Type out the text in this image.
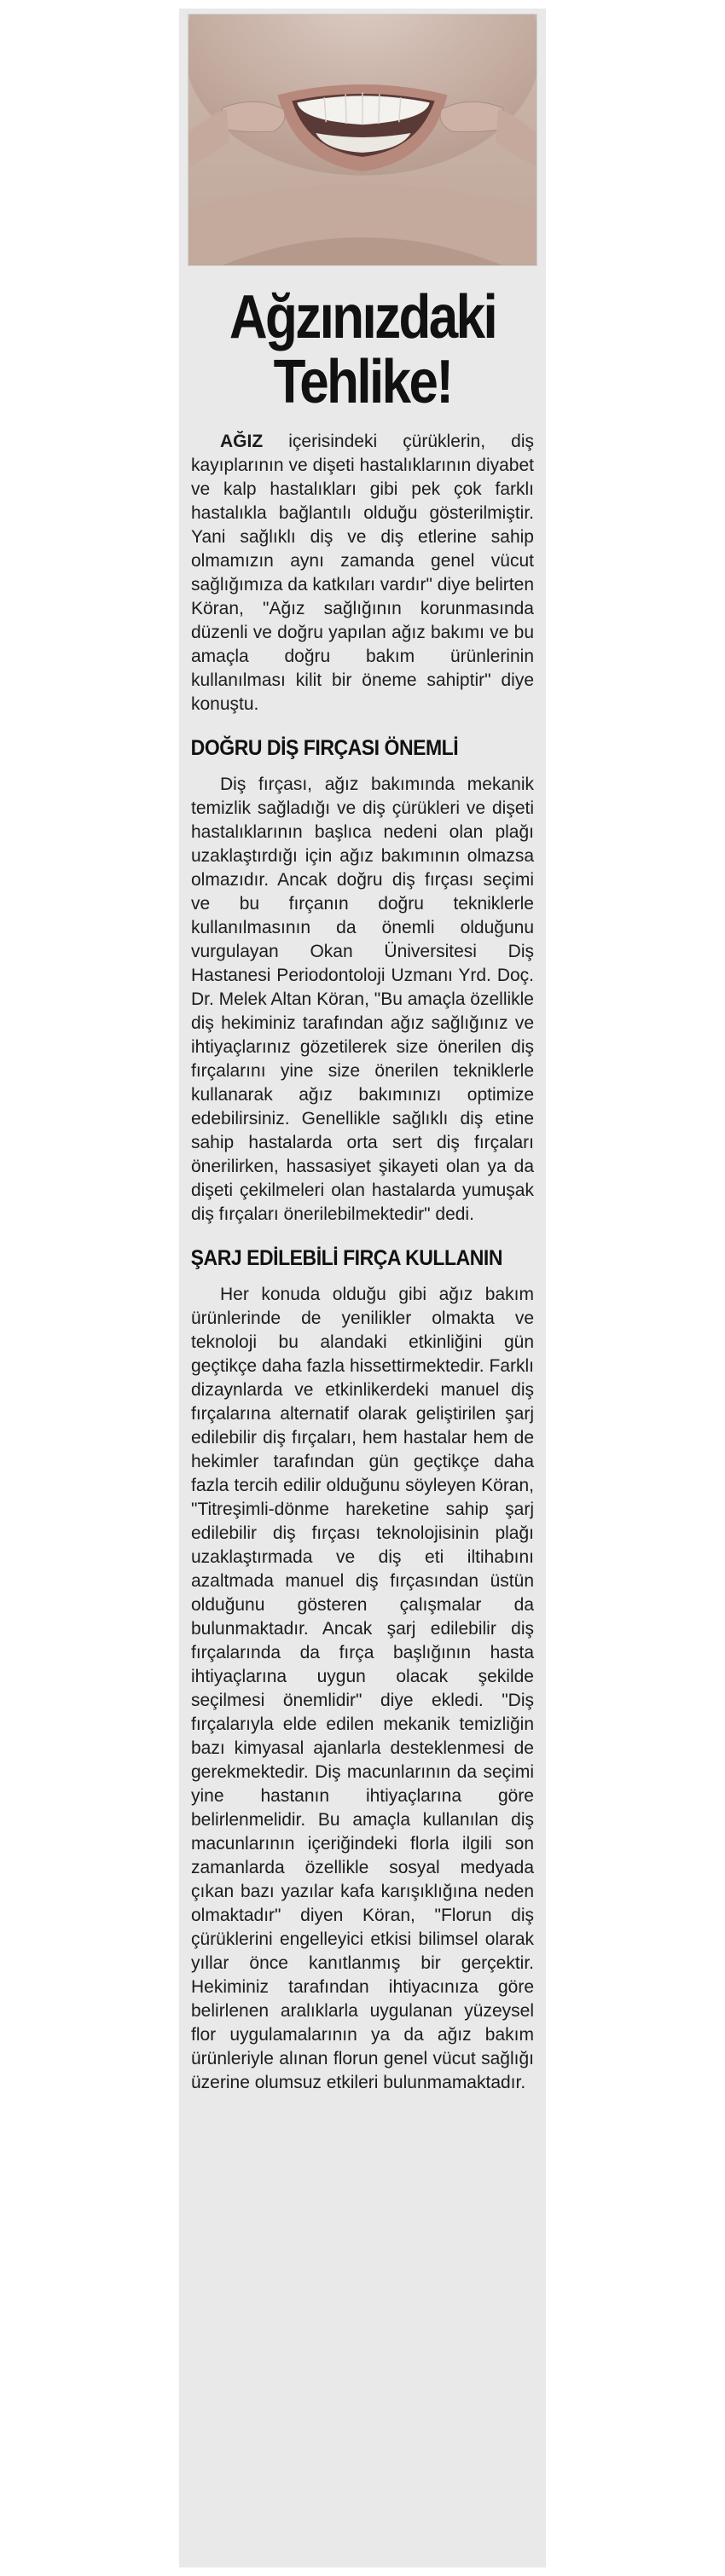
Ağzınızdaki Tehlike!

AĞIZ içerisindeki çürüklerin, diş kayıplarının ve dişeti hastalıklarının diyabet ve kalp hastalıkları gibi pek çok farklı hastalıkla bağlantılı olduğu gösterilmiştir. Yani sağlıklı diş ve diş etlerine sahip olmamızın aynı zamanda genel vücut sağlığımıza da katkıları vardır" diye belirten Köran, "Ağız sağlığının korunmasında düzenli ve doğru yapılan ağız bakımı ve bu amaçla doğru bakım ürünlerinin kullanılması kilit bir öneme sahiptir" diye konuştu.

DOĞRU DİŞ FIRÇASI ÖNEMLİ

Diş fırçası, ağız bakımında mekanik temizlik sağladığı ve diş çürükleri ve dişeti hastalıklarının başlıca nedeni olan plağı uzaklaştırdığı için ağız bakımının olmazsa olmazıdır. Ancak doğru diş fırçası seçimi ve bu fırçanın doğru tekniklerle kullanılmasının da önemli olduğunu vurgulayan Okan Üniversitesi Diş Hastanesi Periodontoloji Uzmanı Yrd. Doç. Dr. Melek Altan Köran, "Bu amaçla özellikle diş hekiminiz tarafından ağız sağlığınız ve ihtiyaçlarınız gözetilerek size önerilen diş fırçalarını yine size önerilen tekniklerle kullanarak ağız bakımınızı optimize edebilirsiniz. Genellikle sağlıklı diş etine sahip hastalarda orta sert diş fırçaları önerilirken, hassasiyet şikayeti olan ya da dişeti çekilmeleri olan hastalarda yumuşak diş fırçaları önerilebilmektedir" dedi.

ŞARJ EDİLEBİLİ FIRÇA KULLANIN

Her konuda olduğu gibi ağız bakım ürünlerinde de yenilikler olmakta ve teknoloji bu alandaki etkinliğini gün geçtikçe daha fazla hissettirmektedir. Farklı dizaynlarda ve etkinlikerdeki manuel diş fırçalarına alternatif olarak geliştirilen şarj edilebilir diş fırçaları, hem hastalar hem de hekimler tarafından gün geçtikçe daha fazla tercih edilir olduğunu söyleyen Köran, "Titreşimli-dönme hareketine sahip şarj edilebilir diş fırçası teknolojisinin plağı uzaklaştırmada ve diş eti iltihabını azaltmada manuel diş fırçasından üstün olduğunu gösteren çalışmalar da bulunmaktadır. Ancak şarj edilebilir diş fırçalarında da fırça başlığının hasta ihtiyaçlarına uygun olacak şekilde seçilmesi önemlidir" diye ekledi. "Diş fırçalarıyla elde edilen mekanik temizliğin bazı kimyasal ajanlarla desteklenmesi de gerekmektedir. Diş macunlarının da seçimi yine hastanın ihtiyaçlarına göre belirlenmelidir. Bu amaçla kullanılan diş macunlarının içeriğindeki florla ilgili son zamanlarda özellikle sosyal medyada çıkan bazı yazılar kafa karışıklığına neden olmaktadır" diyen Köran, "Florun diş çürüklerini engelleyici etkisi bilimsel olarak yıllar önce kanıtlanmış bir gerçektir. Hekiminiz tarafından ihtiyacınıza göre belirlenen aralıklarla uygulanan yüzeysel flor uygulamalarının ya da ağız bakım ürünleriyle alınan florun genel vücut sağlığı üzerine olumsuz etkileri bulunmamaktadır.
